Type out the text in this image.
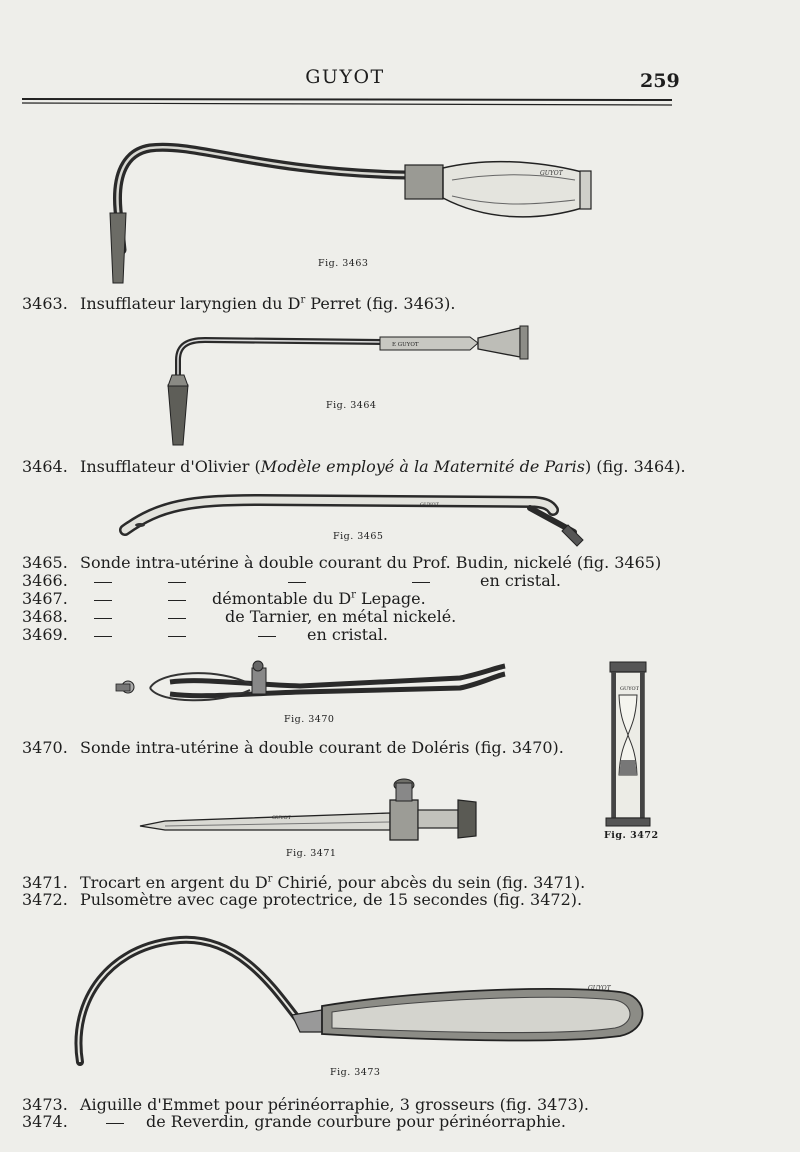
GUYOT	259
GUYOT
Fig. 3463
3463. Insufflateur laryngien du $D^r$ Perret (fig. 3463).
E GUYOT
Fig. 3464
3464. Insufflateur d'Olivier (Modèle employé à la Maternité de Paris) (fig. 3464).
GUYOT
Fig. 3465
3465. Sonde intra-utérine à double courant du Prof. Budin, nickelé (fig. 3465)
3466.	en cristal.
3467.	démontable du $D^r$ Lepage.
3468.	de Tarnier, en métal nickelé.
3469.	en cristal.
Fig. 3470
3470. Sonde intra-utérine à double courant de Doléris (fig. 3470).
GUYOT
Fig. 3471
GUYOT
Fig. 3472
3471. Trocart en argent du $D^r$ Chirié, pour abcès du sein (fig. 3471).
3472. Pulsomètre avec cage protectrice, de 15 secondes (fig. 3472).
GUYOT
Fig. 3473
3473. Aiguille d'Emmet pour périnéorraphie, 3 grosseurs (fig. 3473).
3474.	de Reverdin, grande courbure pour périnéorraphie.
